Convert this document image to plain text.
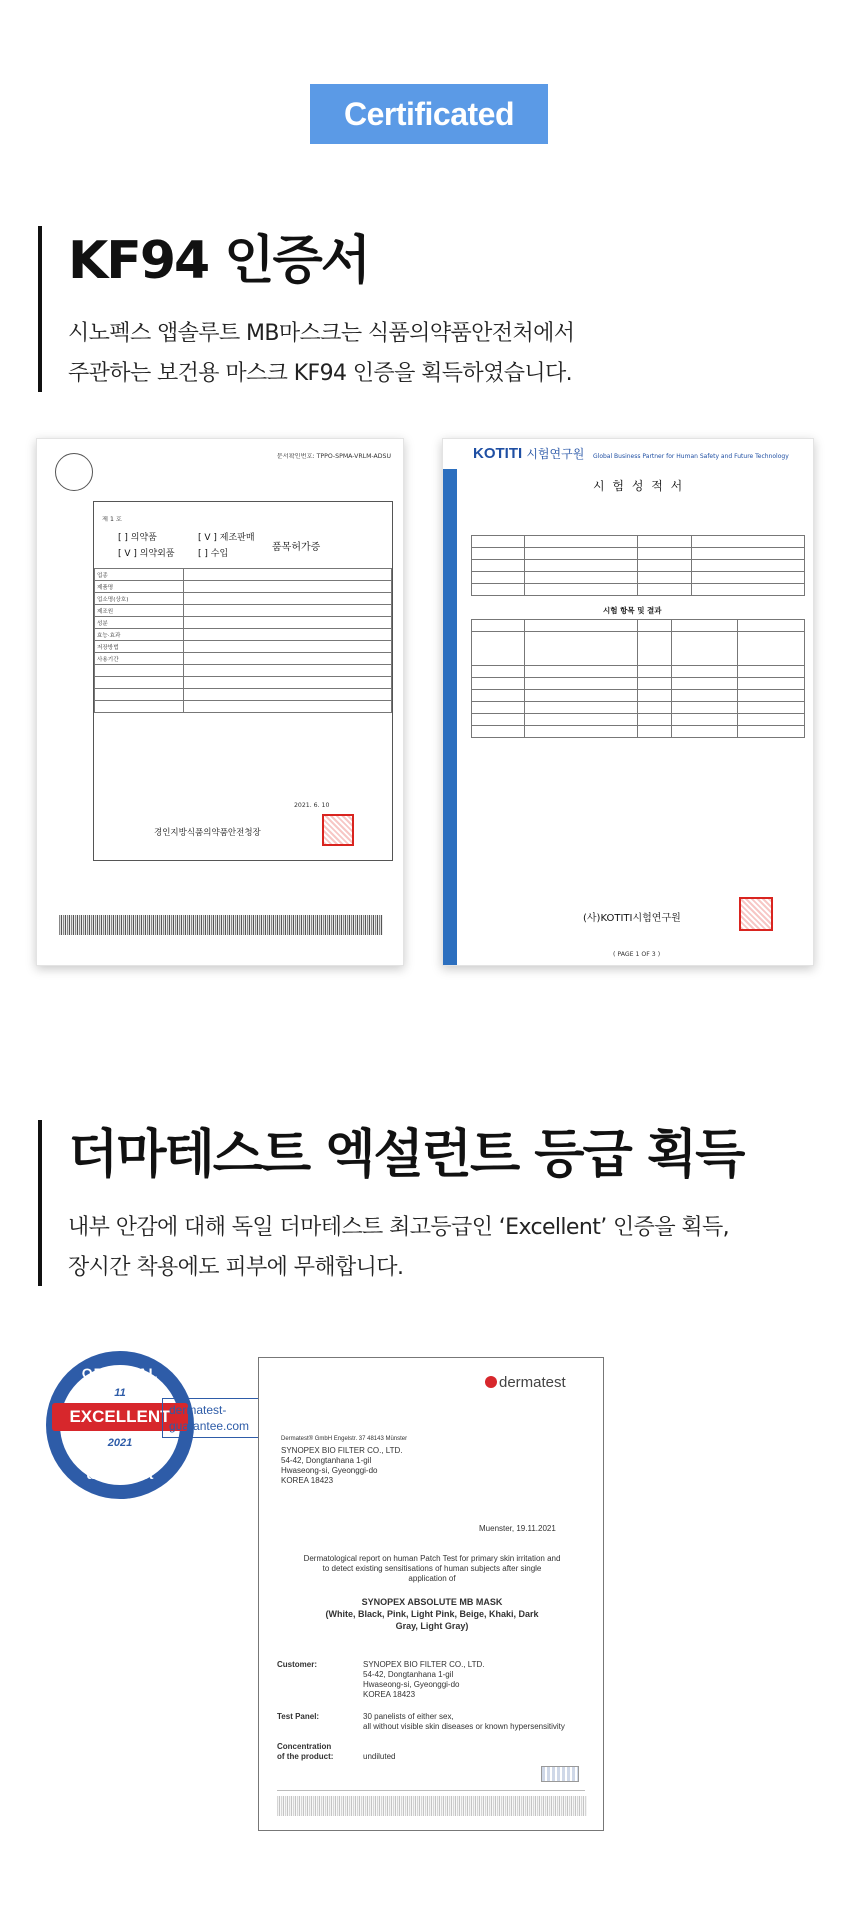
Certificated
KF94 인증서
시노펙스 앱솔루트 MB마스크는 식품의약품안전처에서
주관하는 보건용 마스크 KF94 인증을 획득하였습니다.
문서확인번호: TPPO-SPMA-VRLM-ADSU
제 1 호
[ ] 의약품	[ V ] 제조판매
[ V ] 의약외품	[ ] 수입
품목허가증
업종	
제품명	
업소명(상호)	
제조원	
성분	
효능·효과	
저장방법	
사용기간	

2021. 6. 10
경인지방식품의약품안전청장
KOTITI 시험연구원 Global Business Partner for Human Safety and Future Technology
시 험 성 적 서

시험 항목 및 결과

(사)KOTITI시험연구원
( PAGE 1 OF 3 )
더마테스트 엑설런트 등급 획득
내부 안감에 대해 독일 더마테스트 최고등급인 ‘Excellent’ 인증을 획득,
장시간 착용에도 피부에 무해합니다.
ORIGINAL
11
EXCELLENT
2021
dermatest
dermatest-
guarantee.com
dermatest
Dermatest® GmbH Engelstr. 37 48143 Münster
SYNOPEX BIO FILTER CO., LTD.
54-42, Dongtanhana 1-gil
Hwaseong-si, Gyeonggi-do
KOREA 18423
Muenster, 19.11.2021
Dermatological report on human Patch Test for primary skin irritation and
to detect existing sensitisations of human subjects after single
application of
SYNOPEX ABSOLUTE MB MASK
(White, Black, Pink, Light Pink, Beige, Khaki, Dark
Gray, Light Gray)
Customer:	SYNOPEX BIO FILTER CO., LTD.
54-42, Dongtanhana 1-gil
Hwaseong-si, Gyeonggi-do
KOREA 18423
Test Panel:	30 panelists of either sex,
all without visible skin diseases or known hypersensitivity
Concentration
of the product:	undiluted
